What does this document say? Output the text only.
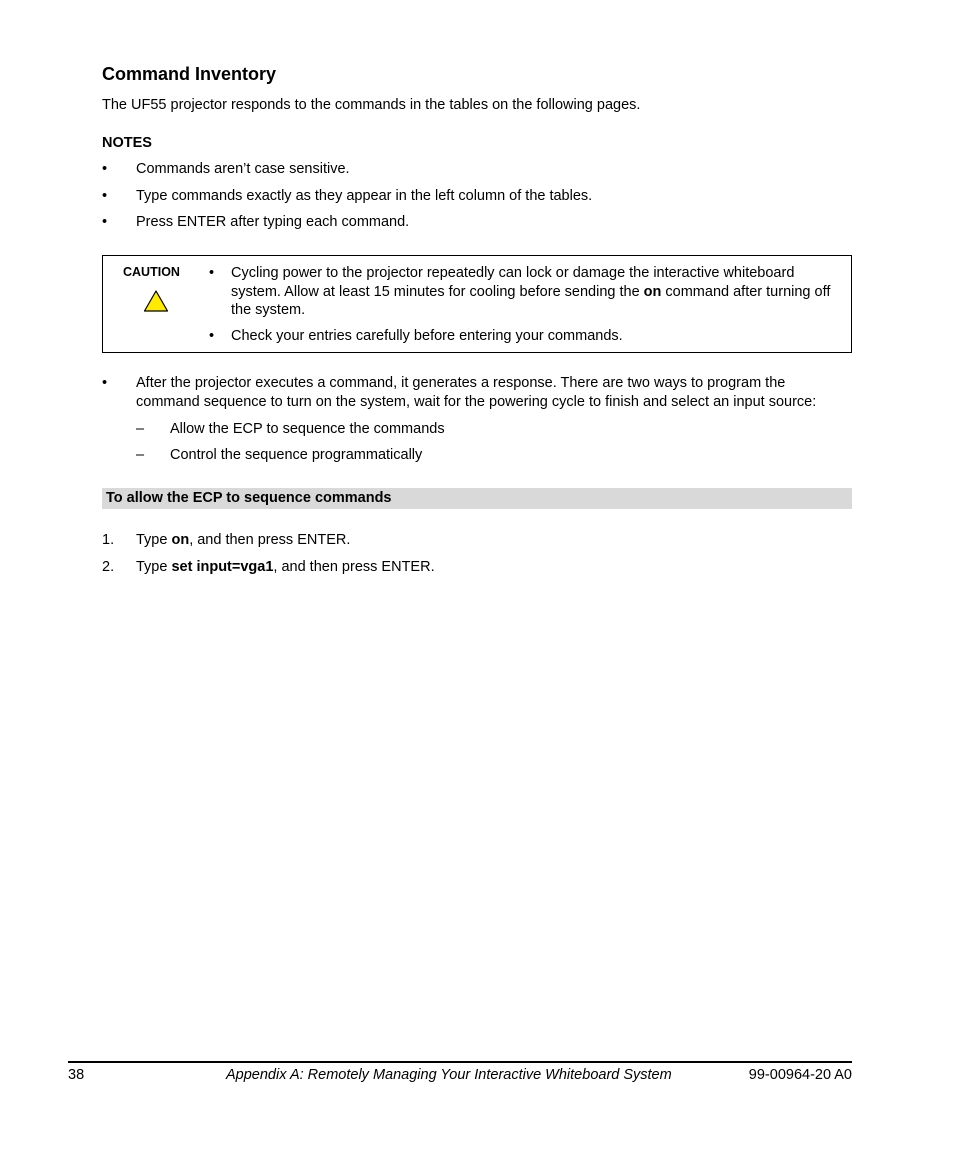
Command Inventory
The UF55 projector responds to the commands in the tables on the following pages.
NOTES
• Commands aren’t case sensitive.
• Type commands exactly as they appear in the left column of the tables.
• Press ENTER after typing each command.
CAUTION • Cycling power to the projector repeatedly can lock or damage the interactive whiteboard system. Allow at least 15 minutes for cooling before sending the on command after turning off the system.
• Check your entries carefully before entering your commands.
• After the projector executes a command, it generates a response. There are two ways to program the command sequence to turn on the system, wait for the powering cycle to finish and select an input source:
– Allow the ECP to sequence the commands
– Control the sequence programmatically
To allow the ECP to sequence commands
1. Type on, and then press ENTER.
2. Type set input=vga1, and then press ENTER.
38	Appendix A: Remotely Managing Your Interactive Whiteboard System	99-00964-20 A0
